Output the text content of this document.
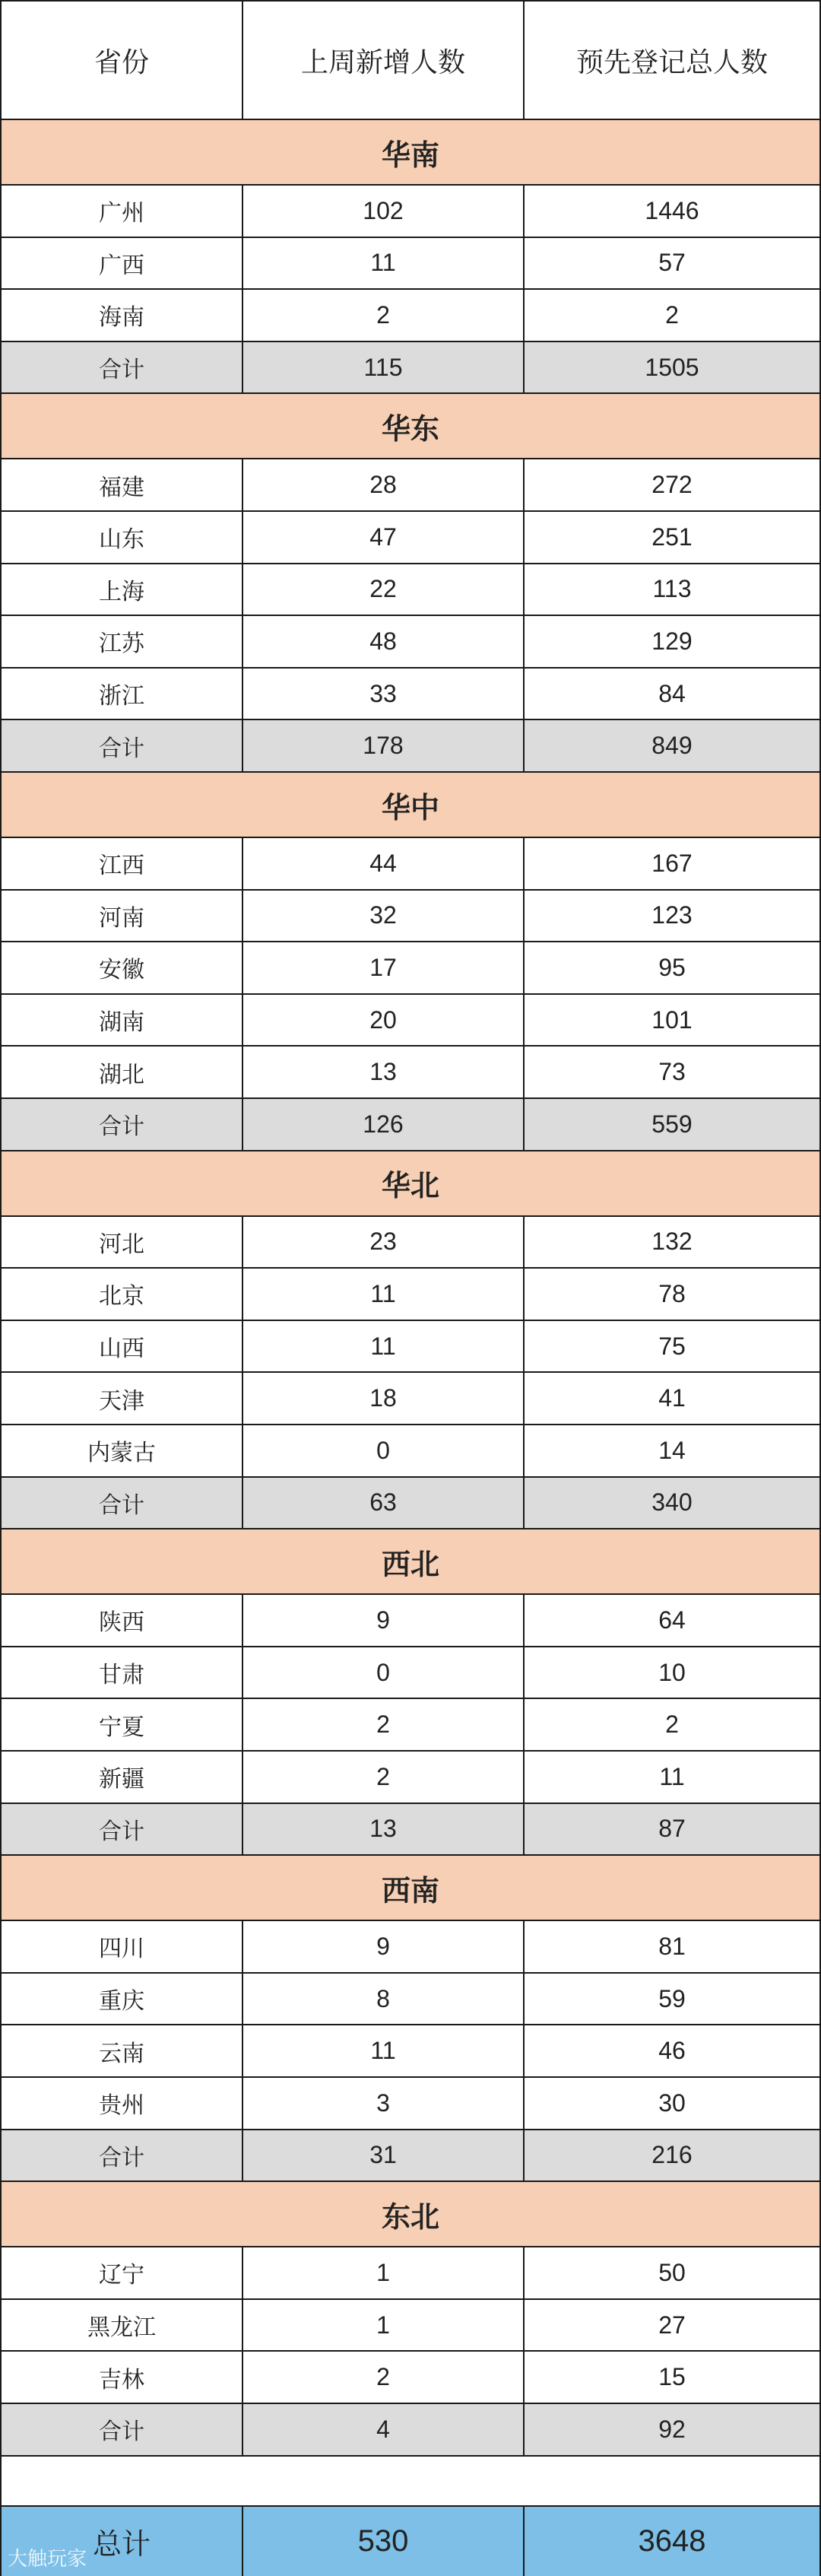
省份	上周新增人数	预先登记总人数
华南
广州	102	1446
广西	11	57
海南	2	2
合计	115	1505
华东
福建	28	272
山东	47	251
上海	22	113
江苏	48	129
浙江	33	84
合计	178	849
华中
江西	44	167
河南	32	123
安徽	17	95
湖南	20	101
湖北	13	73
合计	126	559
华北
河北	23	132
北京	11	78
山西	11	75
天津	18	41
内蒙古	0	14
合计	63	340
西北
陕西	9	64
甘肃	0	10
宁夏	2	2
新疆	2	11
合计	13	87
西南
四川	9	81
重庆	8	59
云南	11	46
贵州	3	30
合计	31	216
东北
辽宁	1	50
黑龙江	1	27
吉林	2	15
合计	4	92
总计	530	3648
大触玩家
